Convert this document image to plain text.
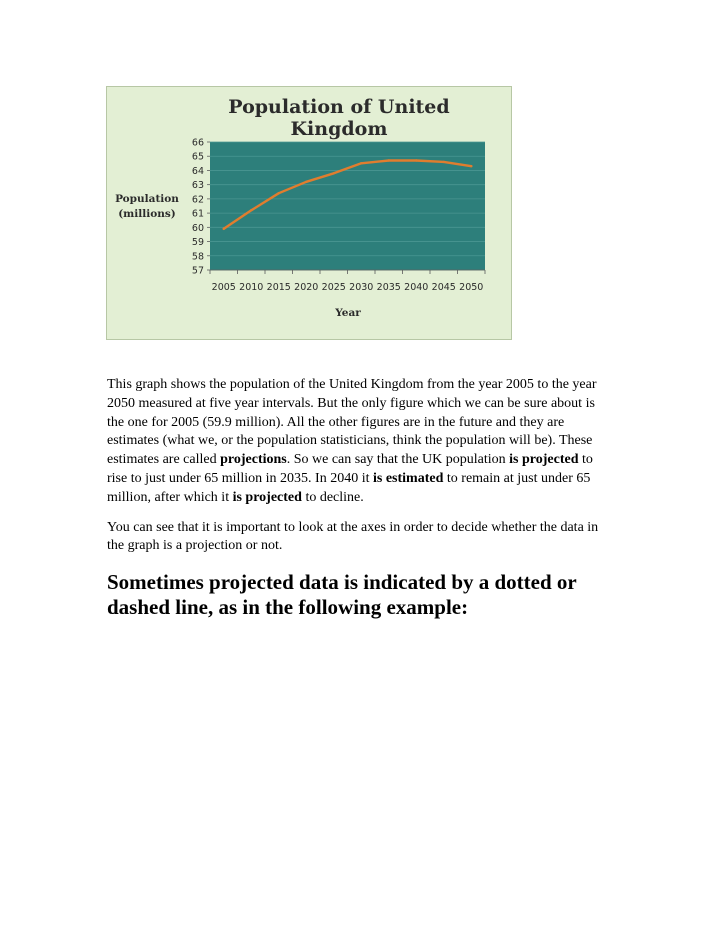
Population of United
Kingdom
57
58
59
60
61
62
63
64
65
66
2005 2010 2015 2020 2025 2030 2035 2040 2045 2050
Population
(millions)
Year

This graph shows the population of the United Kingdom from the year 2005 to the year 2050 measured at five year intervals. But the only figure which we can be sure about is the one for 2005 (59.9 million). All the other figures are in the future and they are estimates (what we, or the population statisticians, think the population will be). These estimates are called projections. So we can say that the UK population is projected to rise to just under 65 million in 2035. In 2040 it is estimated to remain at just under 65 million, after which it is projected to decline.

You can see that it is important to look at the axes in order to decide whether the data in the graph is a projection or not.

Sometimes projected data is indicated by a dotted or dashed line, as in the following example:
